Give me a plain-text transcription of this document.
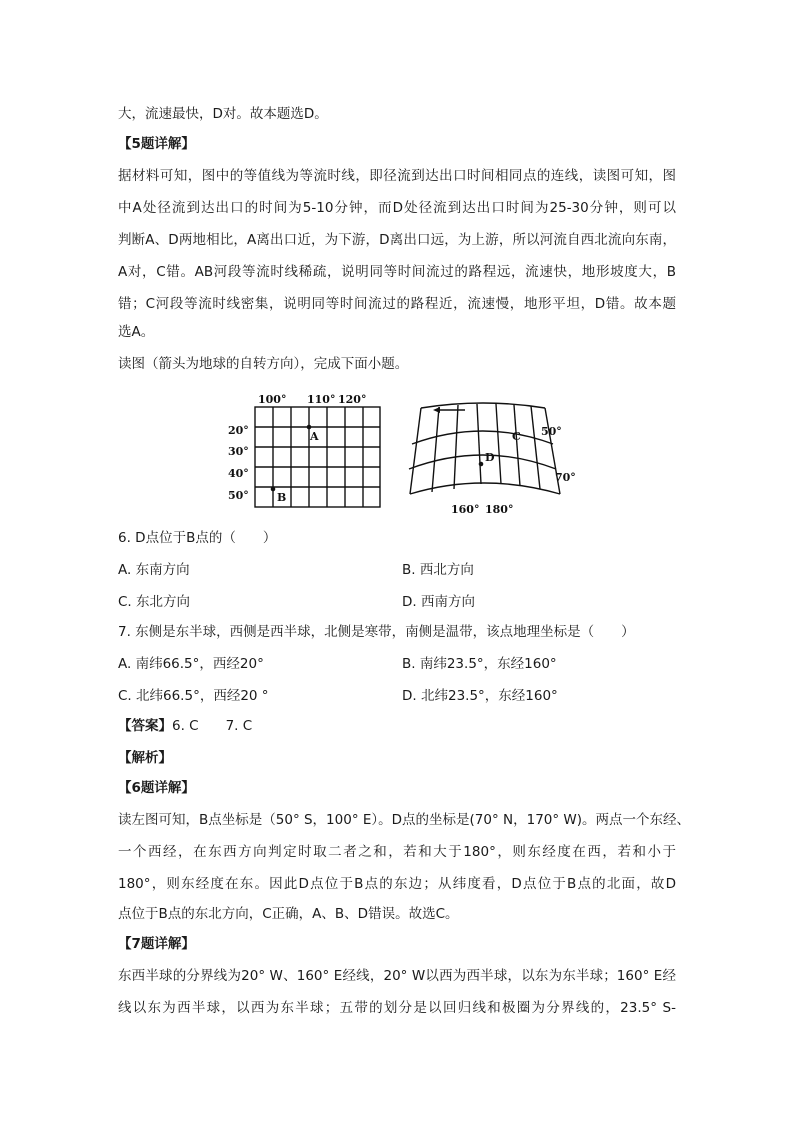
大，流速最快，D对。故本题选D。
【5题详解】
据材料可知，图中的等值线为等流时线，即径流到达出口时间相同点的连线，读图可知，图
中A处径流到达出口的时间为5-10分钟，而D处径流到达出口时间为25-30分钟，则可以
判断A、D两地相比，A离出口近，为下游，D离出口远，为上游，所以河流自西北流向东南，
A对，C错。AB河段等流时线稀疏，说明同等时间流过的路程远，流速快，地形坡度大，B
错；C河段等流时线密集，说明同等时间流过的路程近，流速慢，地形平坦，D错。故本题
选A。
读图（箭头为地球的自转方向），完成下面小题。
100° 110° 120°
20°
30°
40°
50°
A
B
C
D
50°
70°
160° 180°
6. D点位于B点的（　　）
A. 东南方向	B. 西北方向
C. 东北方向	D. 西南方向
7. 东侧是东半球，西侧是西半球，北侧是寒带，南侧是温带，该点地理坐标是（　　）
A. 南纬66.5°，西经20°	B. 南纬23.5°，东经160°
C. 北纬66.5°，西经20 °	D. 北纬23.5°，东经160°
【答案】6. C　　7. C
【解析】
【6题详解】
读左图可知，B点坐标是（50° S，100° E）。D点的坐标是(70° N，170° W)。两点一个东经、
一个西经，在东西方向判定时取二者之和，若和大于180°，则东经度在西，若和小于
180°，则东经度在东。因此D点位于B点的东边；从纬度看，D点位于B点的北面，故D
点位于B点的东北方向，C正确，A、B、D错误。故选C。
【7题详解】
东西半球的分界线为20° W、160° E经线，20° W以西为西半球，以东为东半球；160° E经
线以东为西半球，以西为东半球；五带的划分是以回归线和极圈为分界线的，23.5° S-
